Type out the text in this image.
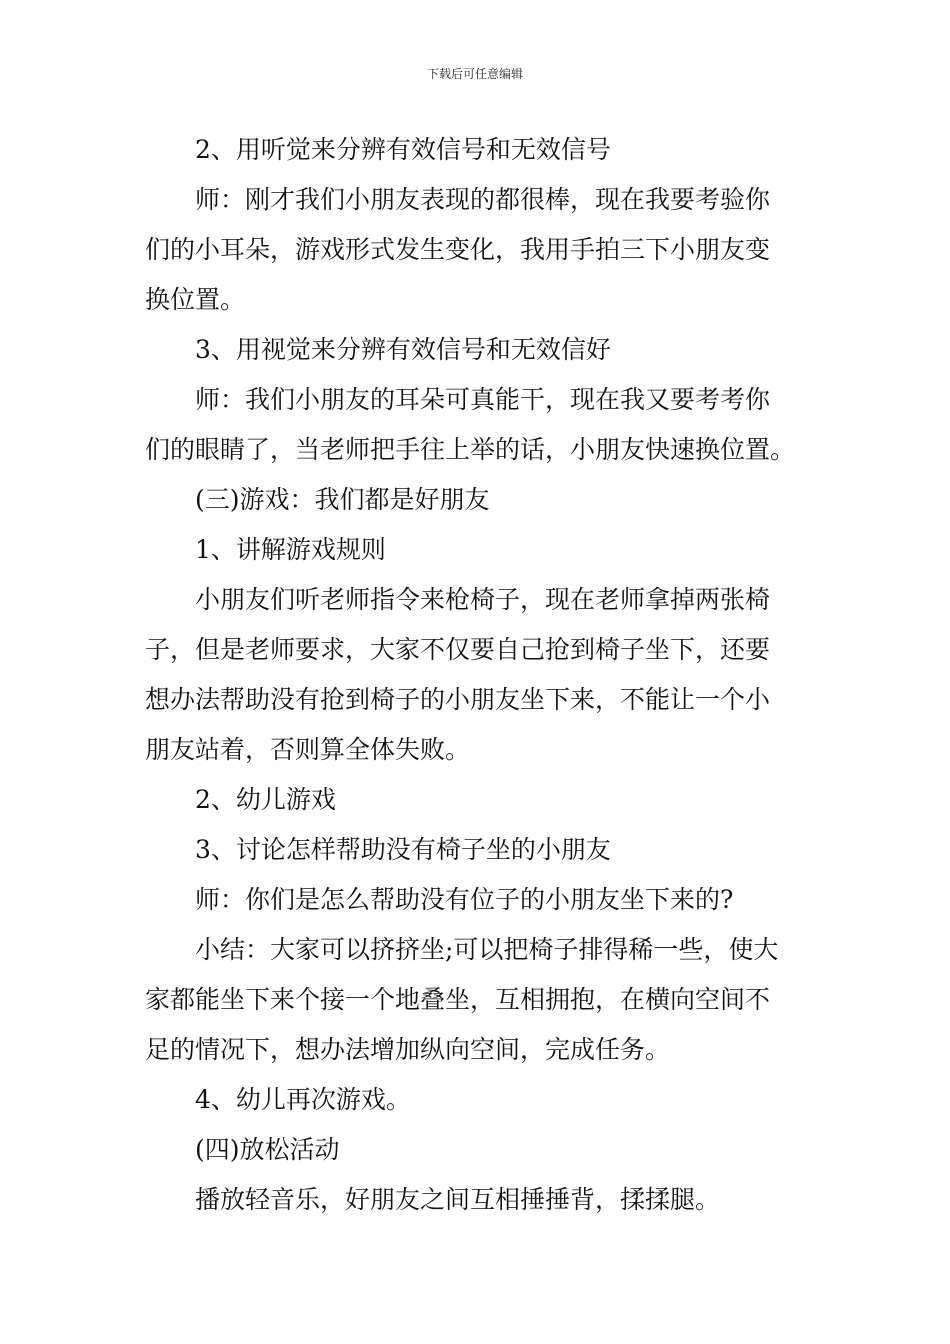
下载后可任意编辑
2、用听觉来分辨有效信号和无效信号
师：刚才我们小朋友表现的都很棒，现在我要考验你
们的小耳朵，游戏形式发生变化，我用手拍三下小朋友变
换位置。
3、用视觉来分辨有效信号和无效信好
师：我们小朋友的耳朵可真能干，现在我又要考考你
们的眼睛了，当老师把手往上举的话，小朋友快速换位置。
(三)游戏：我们都是好朋友
1、讲解游戏规则
小朋友们听老师指令来枪椅子，现在老师拿掉两张椅
子，但是老师要求，大家不仅要自己抢到椅子坐下，还要
想办法帮助没有抢到椅子的小朋友坐下来，不能让一个小
朋友站着，否则算全体失败。
2、幼儿游戏
3、讨论怎样帮助没有椅子坐的小朋友
师：你们是怎么帮助没有位子的小朋友坐下来的?
小结：大家可以挤挤坐;可以把椅子排得稀一些，使大
家都能坐下来个接一个地叠坐，互相拥抱，在横向空间不
足的情况下，想办法增加纵向空间，完成任务。
4、幼儿再次游戏。
(四)放松活动
播放轻音乐，好朋友之间互相捶捶背，揉揉腿。
